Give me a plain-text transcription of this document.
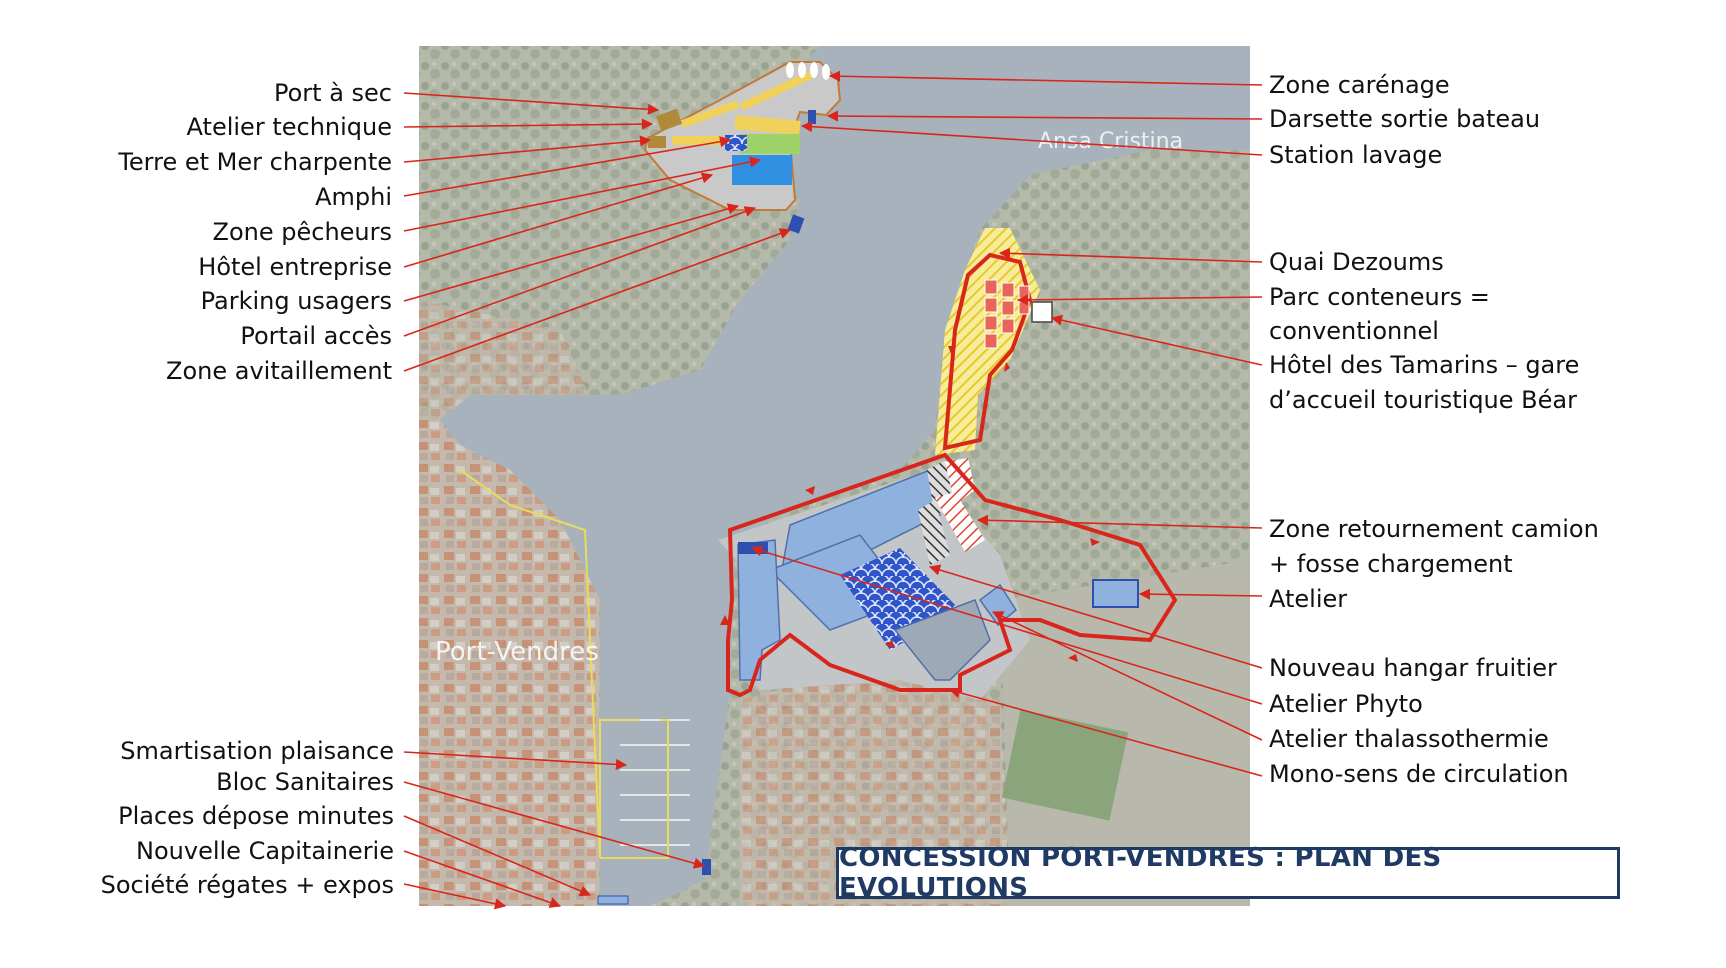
Ansa Cristina
Port-Vendres
Port à sec
Atelier technique
Terre et Mer charpente
Amphi
Zone pêcheurs
Hôtel entreprise
Parking usagers
Portail accès
Zone avitaillement
Smartisation plaisance
Bloc Sanitaires
Places dépose minutes
Nouvelle Capitainerie
Société régates + expos
Zone carénage
Darsette sortie bateau
Station lavage
Quai Dezoums
Parc conteneurs =
conventionnel
Hôtel des Tamarins – gare
d’accueil touristique Béar
Zone retournement camion
+ fosse chargement
Atelier
Nouveau hangar fruitier
Atelier Phyto
Atelier thalassothermie
Mono-sens de circulation
CONCESSION PORT-VENDRES : PLAN DES EVOLUTIONS
